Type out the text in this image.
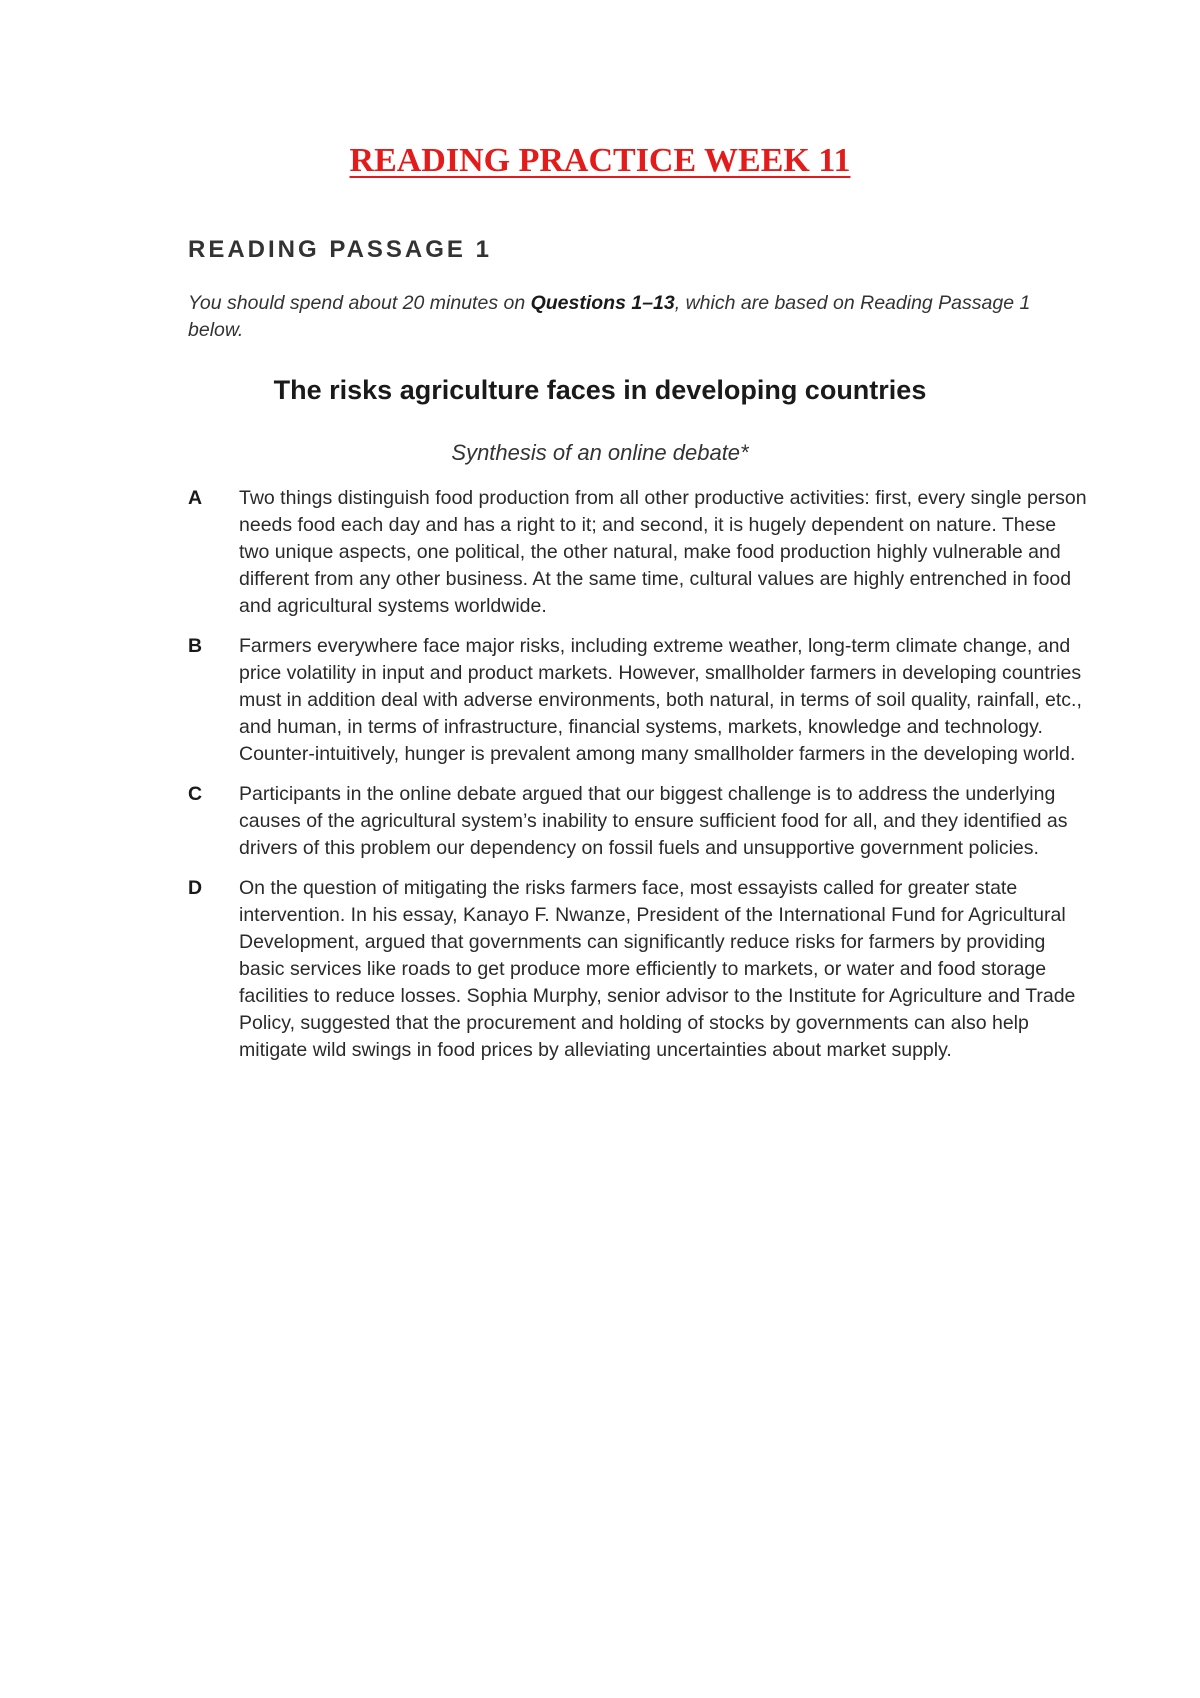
READING PRACTICE WEEK 11
READING PASSAGE 1

You should spend about 20 minutes on Questions 1–13, which are based on Reading Passage 1 below.

The risks agriculture faces in developing countries

Synthesis of an online debate*

A Two things distinguish food production from all other productive activities: first, every single person needs food each day and has a right to it; and second, it is hugely dependent on nature. These two unique aspects, one political, the other natural, make food production highly vulnerable and different from any other business. At the same time, cultural values are highly entrenched in food and agricultural systems worldwide.

B Farmers everywhere face major risks, including extreme weather, long-term climate change, and price volatility in input and product markets. However, smallholder farmers in developing countries must in addition deal with adverse environments, both natural, in terms of soil quality, rainfall, etc., and human, in terms of infrastructure, financial systems, markets, knowledge and technology. Counter-intuitively, hunger is prevalent among many smallholder farmers in the developing world.

C Participants in the online debate argued that our biggest challenge is to address the underlying causes of the agricultural system’s inability to ensure sufficient food for all, and they identified as drivers of this problem our dependency on fossil fuels and unsupportive government policies.

D On the question of mitigating the risks farmers face, most essayists called for greater state intervention. In his essay, Kanayo F. Nwanze, President of the International Fund for Agricultural Development, argued that governments can significantly reduce risks for farmers by providing basic services like roads to get produce more efficiently to markets, or water and food storage facilities to reduce losses. Sophia Murphy, senior advisor to the Institute for Agriculture and Trade Policy, suggested that the procurement and holding of stocks by governments can also help mitigate wild swings in food prices by alleviating uncertainties about market supply.
